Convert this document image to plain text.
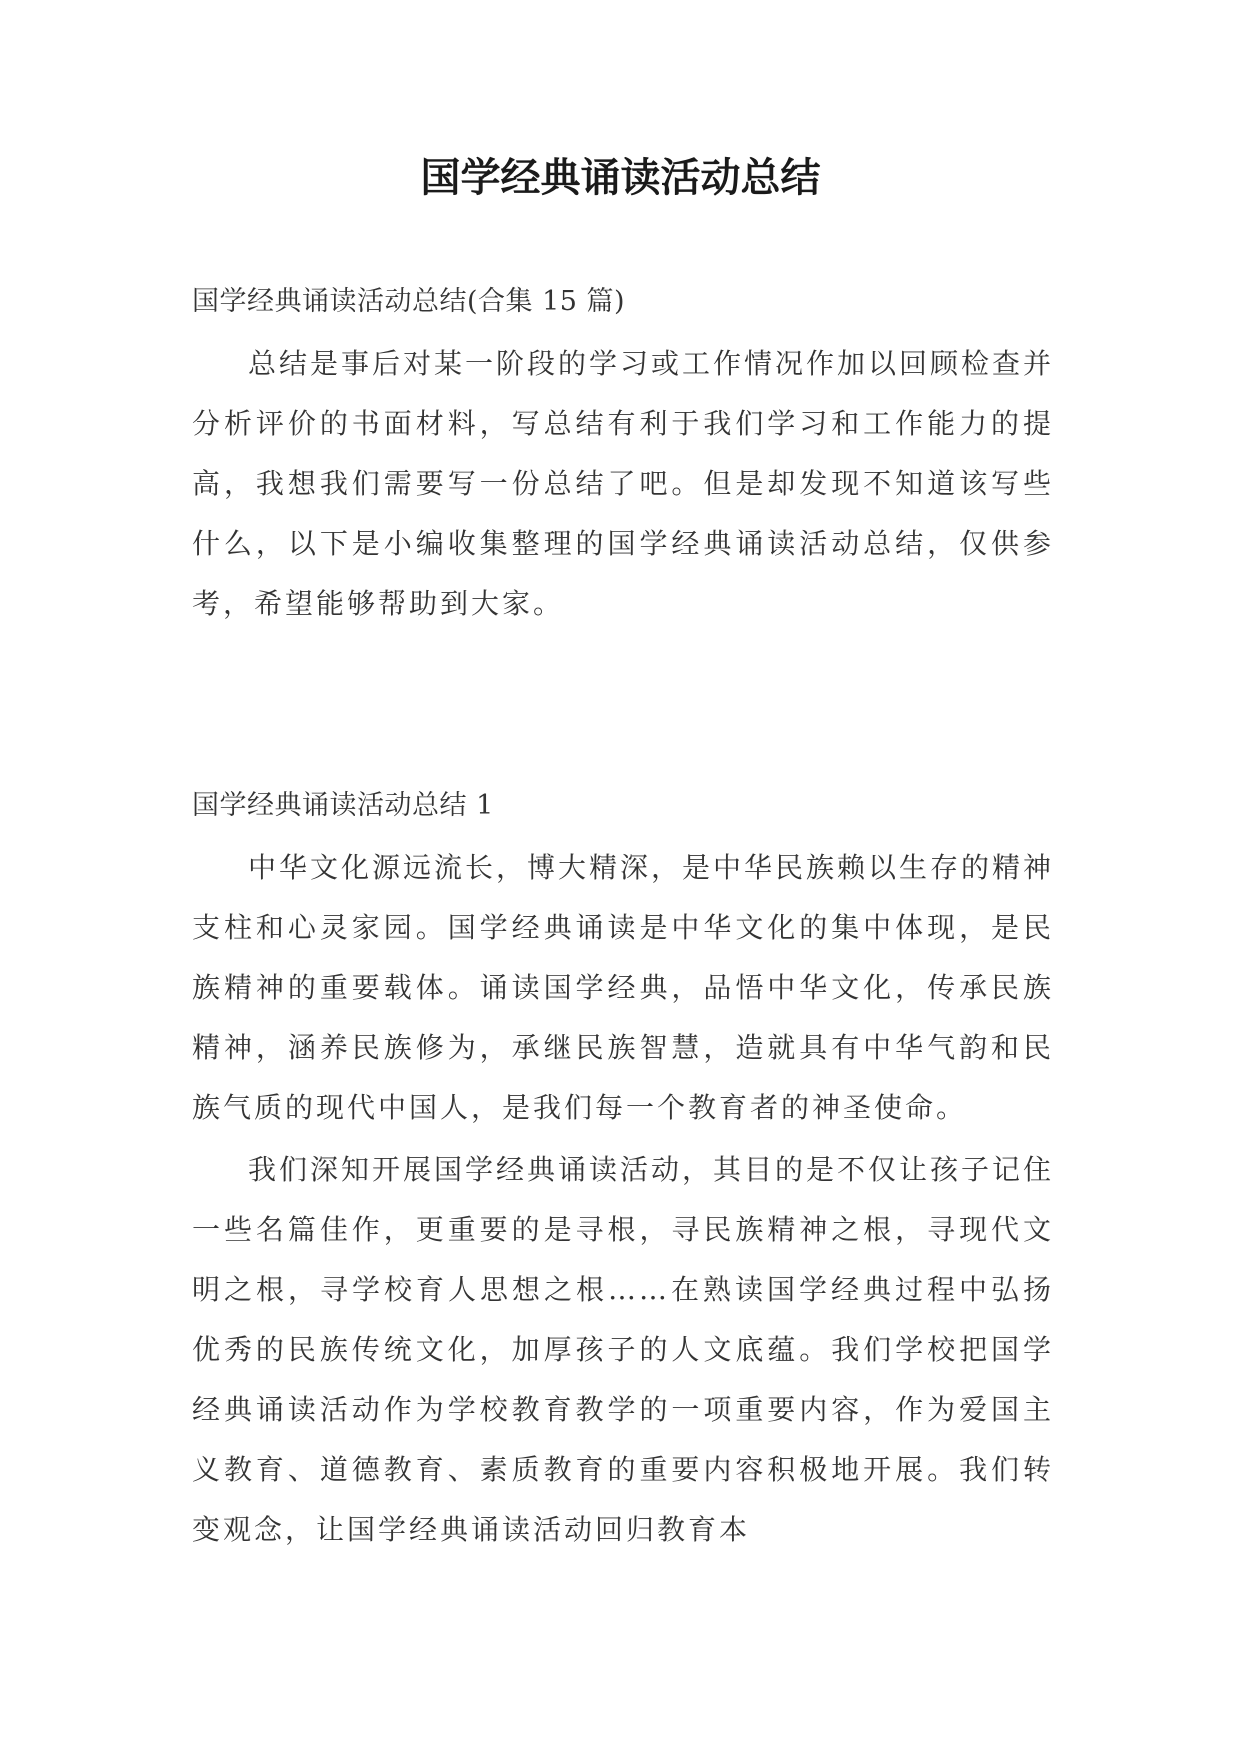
国学经典诵读活动总结

国学经典诵读活动总结(合集 15 篇)

总结是事后对某一阶段的学习或工作情况作加以回顾检查并分析评价的书面材料，写总结有利于我们学习和工作能力的提高，我想我们需要写一份总结了吧。但是却发现不知道该写些什么，以下是小编收集整理的国学经典诵读活动总结，仅供参考，希望能够帮助到大家。

国学经典诵读活动总结 1

中华文化源远流长，博大精深，是中华民族赖以生存的精神支柱和心灵家园。国学经典诵读是中华文化的集中体现，是民族精神的重要载体。诵读国学经典，品悟中华文化，传承民族精神，涵养民族修为，承继民族智慧，造就具有中华气韵和民族气质的现代中国人，是我们每一个教育者的神圣使命。

我们深知开展国学经典诵读活动，其目的是不仅让孩子记住一些名篇佳作，更重要的是寻根，寻民族精神之根，寻现代文明之根，寻学校育人思想之根……在熟读国学经典过程中弘扬优秀的民族传统文化，加厚孩子的人文底蕴。我们学校把国学经典诵读活动作为学校教育教学的一项重要内容，作为爱国主义教育、道德教育、素质教育的重要内容积极地开展。我们转变观念，让国学经典诵读活动回归教育本
